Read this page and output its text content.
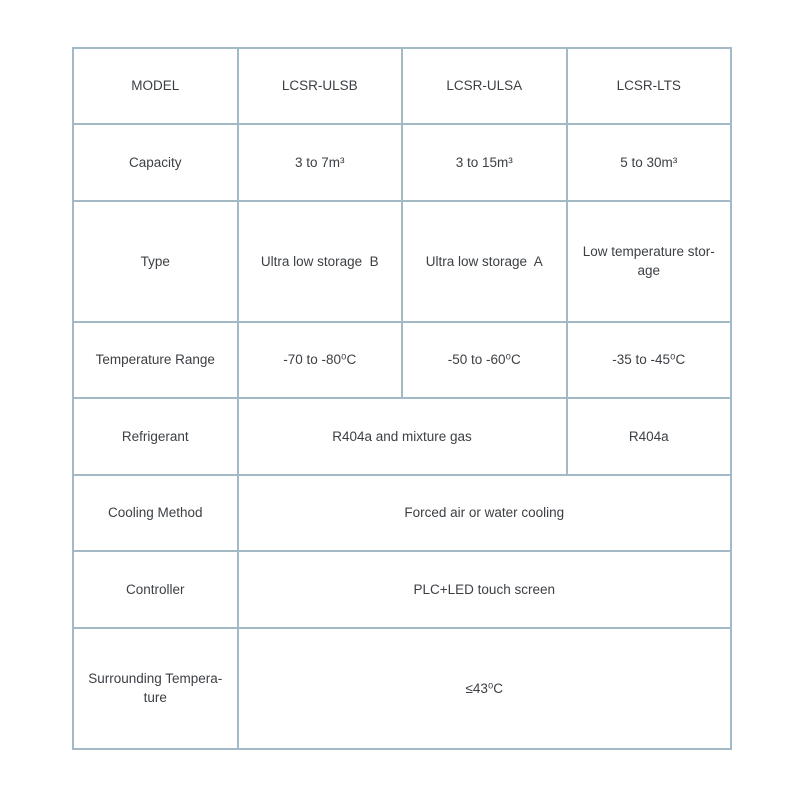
MODEL	LCSR-ULSB	LCSR-ULSA	LCSR-LTS
Capacity	3 to 7m³	3 to 15m³	5 to 30m³
Type	Ultra low storage  B	Ultra low storage  A	Low temperature storage
Temperature Range	-70 to -80⁰C	-50 to -60⁰C	-35 to -45⁰C
Refrigerant	R404a and mixture gas		R404a
Cooling Method	Forced air or water cooling		
Controller	PLC+LED touch screen		
Surrounding Temperature	≤43⁰C		
